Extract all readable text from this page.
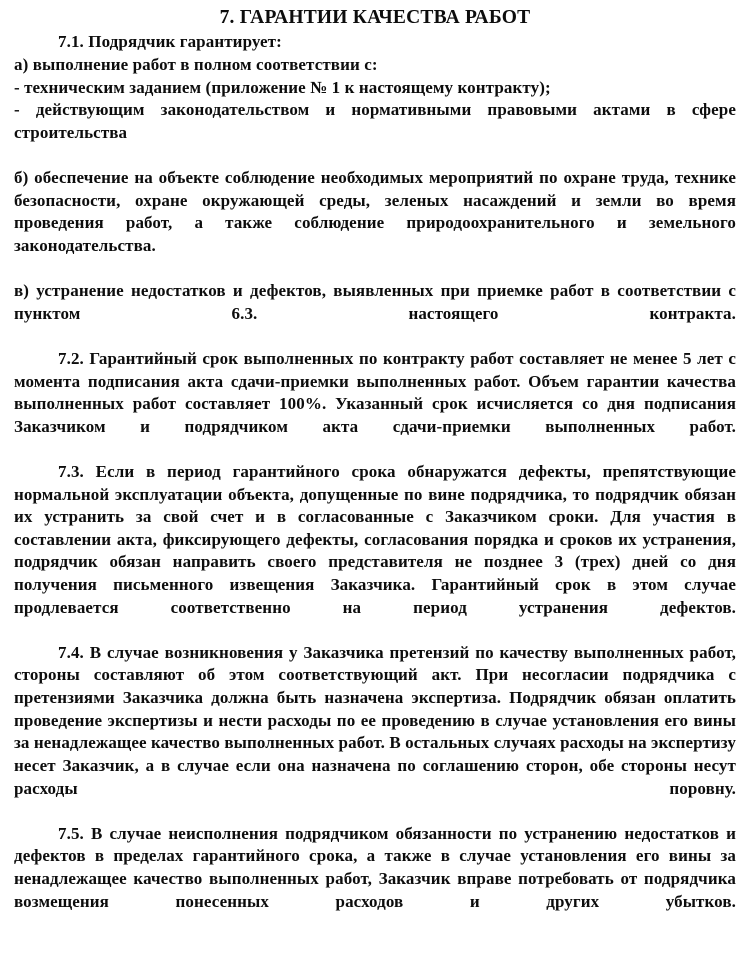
7. ГАРАНТИИ КАЧЕСТВА РАБОТ

7.1. Подрядчик гарантирует:

а) выполнение работ в полном соответствии с:

- техническим заданием (приложение № 1 к настоящему контракту);

- действующим законодательством и нормативными правовыми актами в сфере строительства

б) обеспечение на объекте соблюдение необходимых мероприятий по охране труда, технике безопасности, охране окружающей среды, зеленых насаждений и земли во время проведения работ, а также соблюдение природоохранительного и земельного законодательства.

в) устранение недостатков и дефектов, выявленных при приемке работ в соответствии с пунктом 6.3. настоящего контракта.

7.2. Гарантийный срок выполненных по контракту работ составляет не менее 5 лет с момента подписания акта сдачи-приемки выполненных работ. Объем гарантии качества выполненных работ составляет 100%. Указанный срок исчисляется со дня подписания Заказчиком и подрядчиком акта сдачи-приемки выполненных работ.

7.3. Если в период гарантийного срока обнаружатся дефекты, препятствующие нормальной эксплуатации объекта, допущенные по вине подрядчика, то подрядчик обязан их устранить за свой счет и в согласованные с Заказчиком сроки. Для участия в составлении акта, фиксирующего дефекты, согласования порядка и сроков их устранения, подрядчик обязан направить своего представителя не позднее 3 (трех) дней со дня получения письменного извещения Заказчика. Гарантийный срок в этом случае продлевается соответственно на период устранения дефектов.

7.4. В случае возникновения у Заказчика претензий по качеству выполненных работ, стороны составляют об этом соответствующий акт. При несогласии подрядчика с претензиями Заказчика должна быть назначена экспертиза. Подрядчик обязан оплатить проведение экспертизы и нести расходы по ее проведению в случае установления его вины за ненадлежащее качество выполненных работ. В остальных случаях расходы на экспертизу несет Заказчик, а в случае если она назначена по соглашению сторон, обе стороны несут расходы поровну.

7.5. В случае неисполнения подрядчиком обязанности по устранению недостатков и дефектов в пределах гарантийного срока, а также в случае установления его вины за ненадлежащее качество выполненных работ, Заказчик вправе потребовать от подрядчика возмещения понесенных расходов и других убытков.
